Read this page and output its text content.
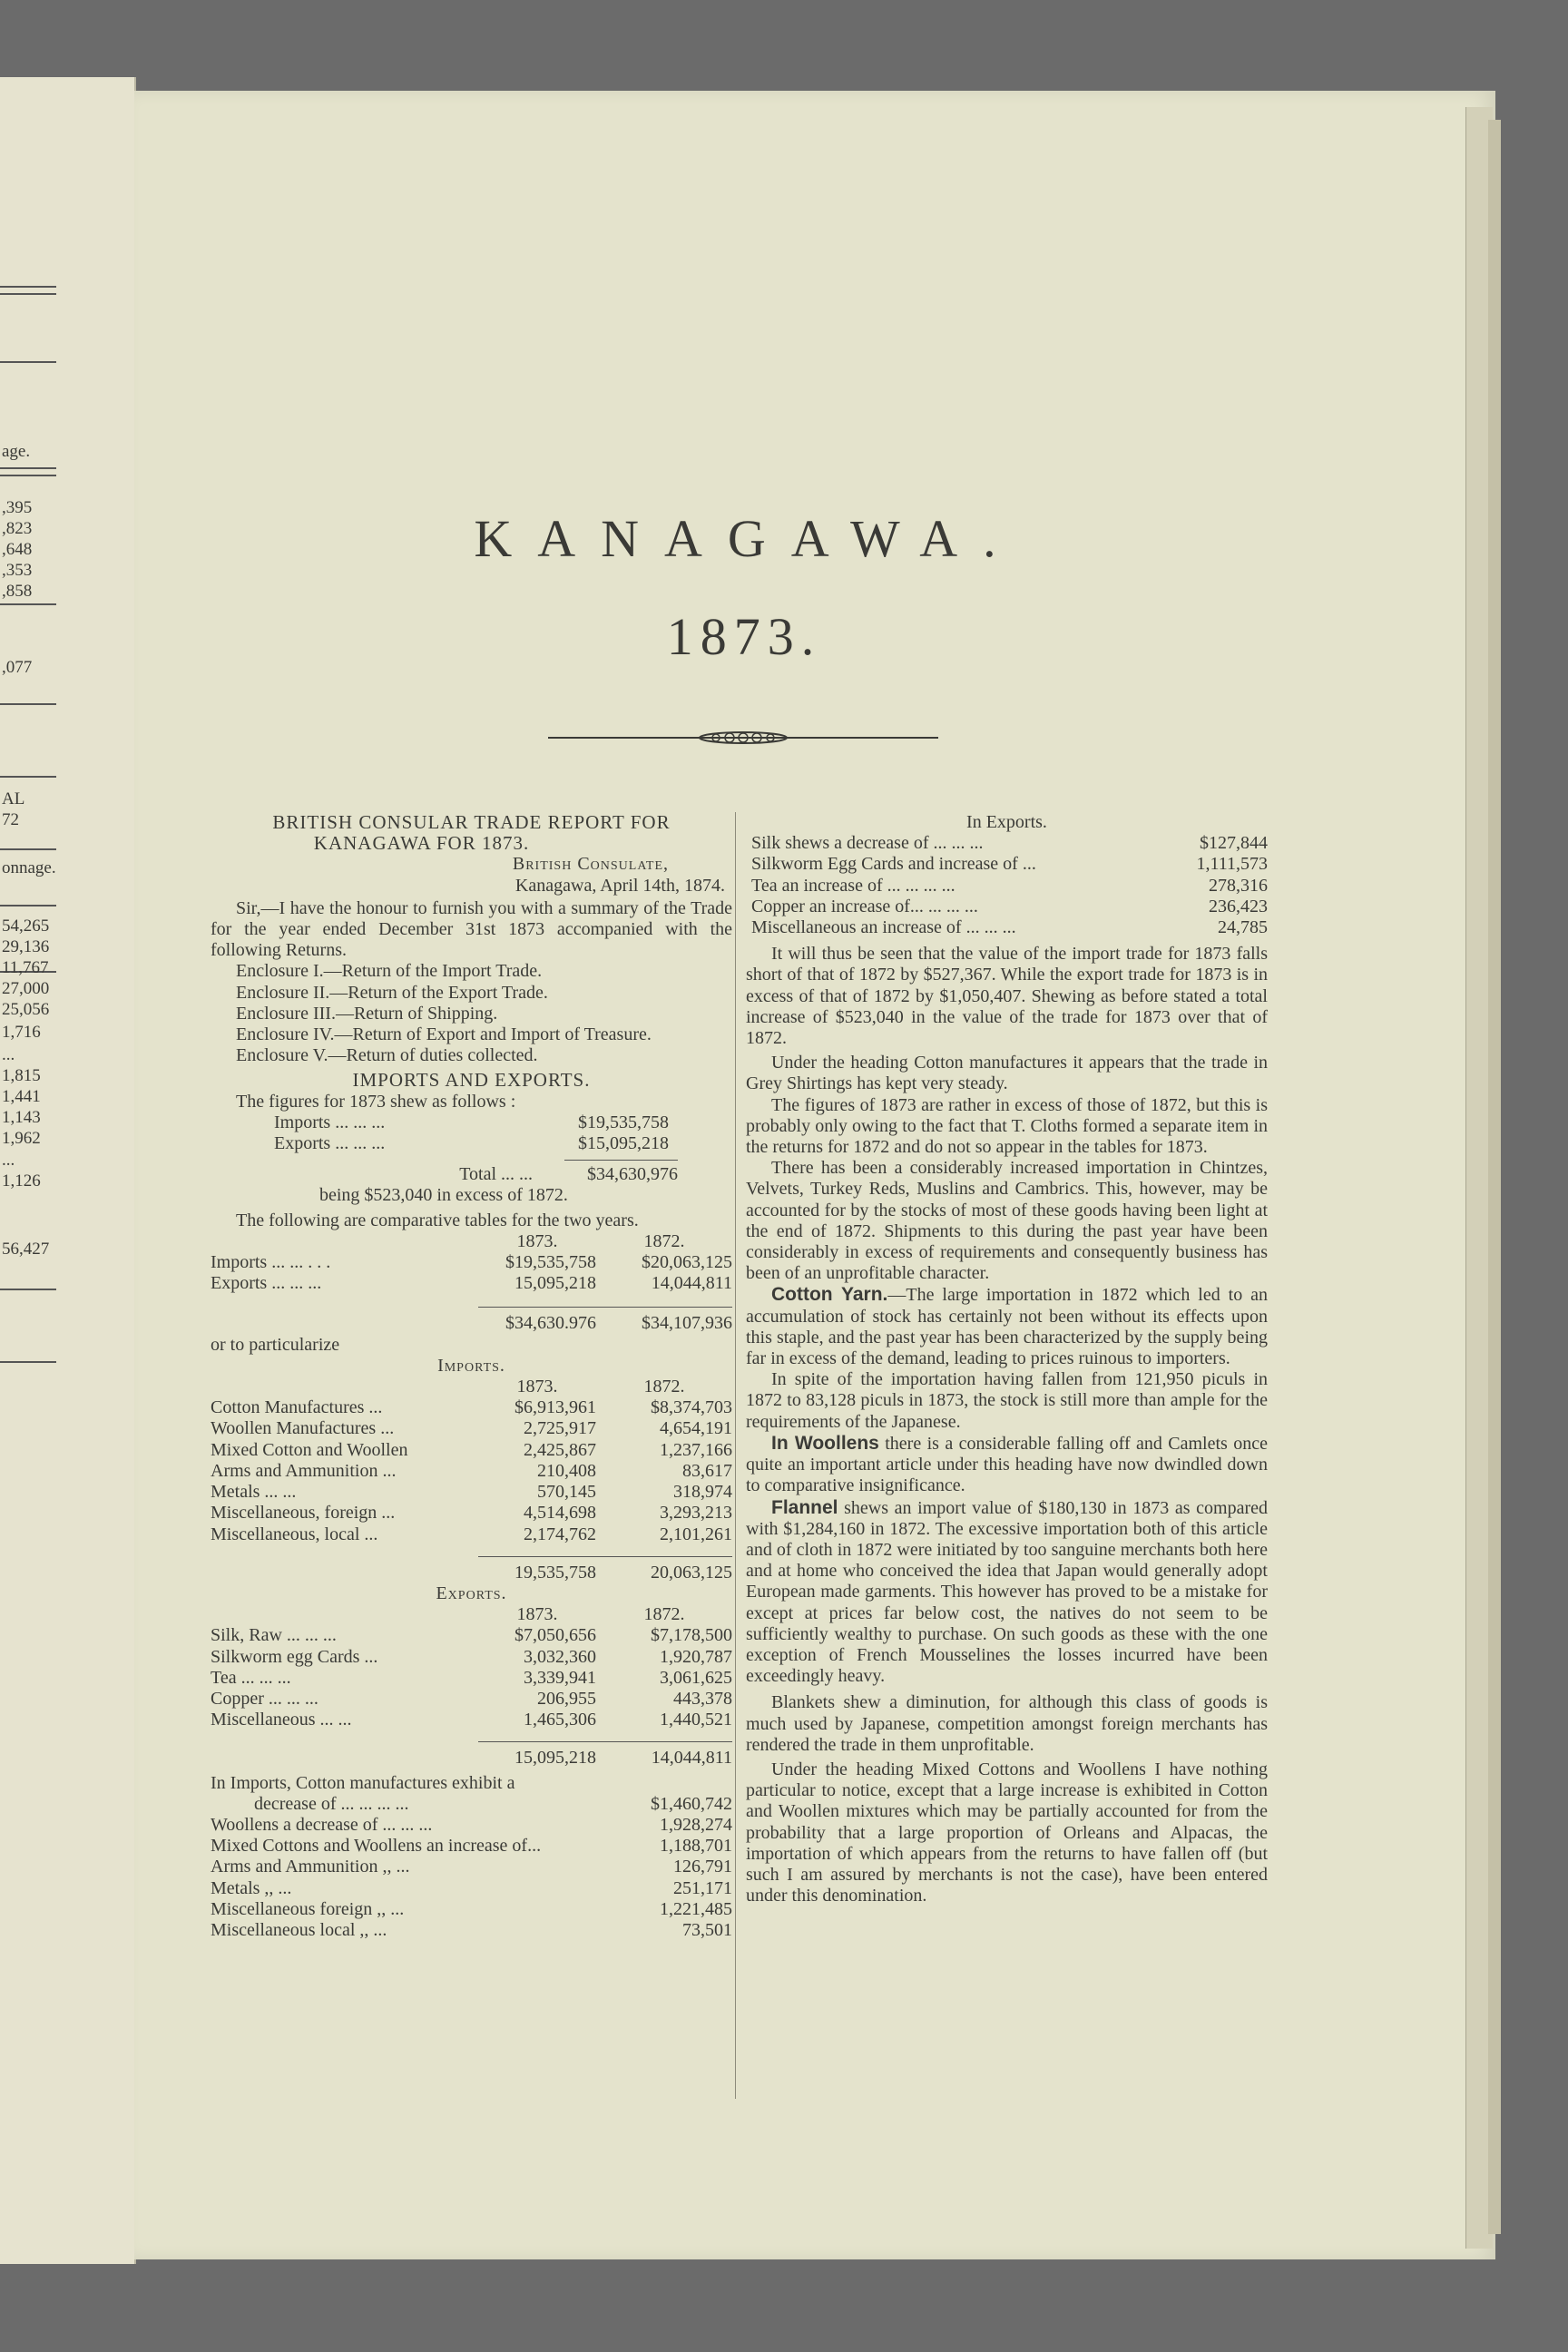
age.
,395
,823
,648
,353
,858
,077
AL
72
onnage.
54,265
29,136
11,767
27,000
25,056
1,716
...
1,815
1,441
1,143
1,962
...
1,126
56,427
KANAGAWA.
1873.
BRITISH CONSULAR TRADE REPORT FOR
KANAGAWA FOR 1873.
British Consulate,
Kanagawa, April 14th, 1874.
Sir,—I have the honour to furnish you with a summary of the Trade for the year ended December 31st 1873 accompanied with the following Returns.
Enclosure I.—Return of the Import Trade.
Enclosure II.—Return of the Export Trade.
Enclosure III.—Return of Shipping.
Enclosure IV.—Return of Export and Import of Treasure.
Enclosure V.—Return of duties collected.
IMPORTS AND EXPORTS.
The figures for 1873 shew as follows :
Imports ... ... ...	$19,535,758
Exports ... ... ...	$15,095,218
Total ... ...	$34,630,976
being $523,040 in excess of 1872.
The following are comparative tables for the two years.
1873.	1872.
Imports ... ... . . .	$19,535,758	$20,063,125
Exports ... ... ...	15,095,218	14,044,811
$34,630.976	$34,107,936
or to particularize
Imports.
1873.	1872.
Cotton Manufactures ...	$6,913,961	$8,374,703
Woollen Manufactures ...	2,725,917	4,654,191
Mixed Cotton and Woollen	2,425,867	1,237,166
Arms and Ammunition ...	210,408	83,617
Metals ... ...	570,145	318,974
Miscellaneous, foreign ...	4,514,698	3,293,213
Miscellaneous, local ...	2,174,762	2,101,261
19,535,758	20,063,125
Exports.
1873.	1872.
Silk, Raw ... ... ...	$7,050,656	$7,178,500
Silkworm egg Cards ...	3,032,360	1,920,787
Tea ... ... ...	3,339,941	3,061,625
Copper ... ... ...	206,955	443,378
Miscellaneous ... ...	1,465,306	1,440,521
15,095,218	14,044,811
In Imports, Cotton manufactures exhibit a
decrease of ... ... ... ...	$1,460,742
Woollens a decrease of ... ... ...	1,928,274
Mixed Cottons and Woollens an increase of...	1,188,701
Arms and Ammunition ,, ...	126,791
Metals ,, ...	251,171
Miscellaneous foreign ,, ...	1,221,485
Miscellaneous local ,, ...	73,501
In Exports.
Silk shews a decrease of ... ... ...	$127,844
Silkworm Egg Cards and increase of ...	1,111,573
Tea an increase of ... ... ... ...	278,316
Copper an increase of... ... ... ...	236,423
Miscellaneous an increase of ... ... ...	24,785
It will thus be seen that the value of the import trade for 1873 falls short of that of 1872 by $527,367. While the export trade for 1873 is in excess of that of 1872 by $1,050,407. Shewing as before stated a total increase of $523,040 in the value of the trade for 1873 over that of 1872.
Under the heading Cotton manufactures it appears that the trade in Grey Shirtings has kept very steady.
The figures of 1873 are rather in excess of those of 1872, but this is probably only owing to the fact that T. Cloths formed a separate item in the returns for 1872 and do not so appear in the tables for 1873.
There has been a considerably increased importation in Chintzes, Velvets, Turkey Reds, Muslins and Cambrics. This, however, may be accounted for by the stocks of most of these goods having been light at the end of 1872. Shipments to this during the past year have been considerably in excess of requirements and consequently business has been of an unprofitable character.
Cotton Yarn.—The large importation in 1872 which led to an accumulation of stock has certainly not been without its effects upon this staple, and the past year has been characterized by the supply being far in excess of the demand, leading to prices ruinous to importers.
In spite of the importation having fallen from 121,950 piculs in 1872 to 83,128 piculs in 1873, the stock is still more than ample for the requirements of the Japanese.
In Woollens there is a considerable falling off and Camlets once quite an important article under this heading have now dwindled down to comparative insignificance.
Flannel shews an import value of $180,130 in 1873 as compared with $1,284,160 in 1872. The excessive importation both of this article and of cloth in 1872 were initiated by too sanguine merchants both here and at home who conceived the idea that Japan would generally adopt European made garments. This however has proved to be a mistake for except at prices far below cost, the natives do not seem to be sufficiently wealthy to purchase. On such goods as these with the one exception of French Mousselines the losses incurred have been exceedingly heavy.
Blankets shew a diminution, for although this class of goods is much used by Japanese, competition amongst foreign merchants has rendered the trade in them unprofitable.
Under the heading Mixed Cottons and Woollens I have nothing particular to notice, except that a large increase is exhibited in Cotton and Woollen mixtures which may be partially accounted for from the probability that a large proportion of Orleans and Alpacas, the importation of which appears from the returns to have fallen off (but such I am assured by merchants is not the case), have been entered under this denomination.
